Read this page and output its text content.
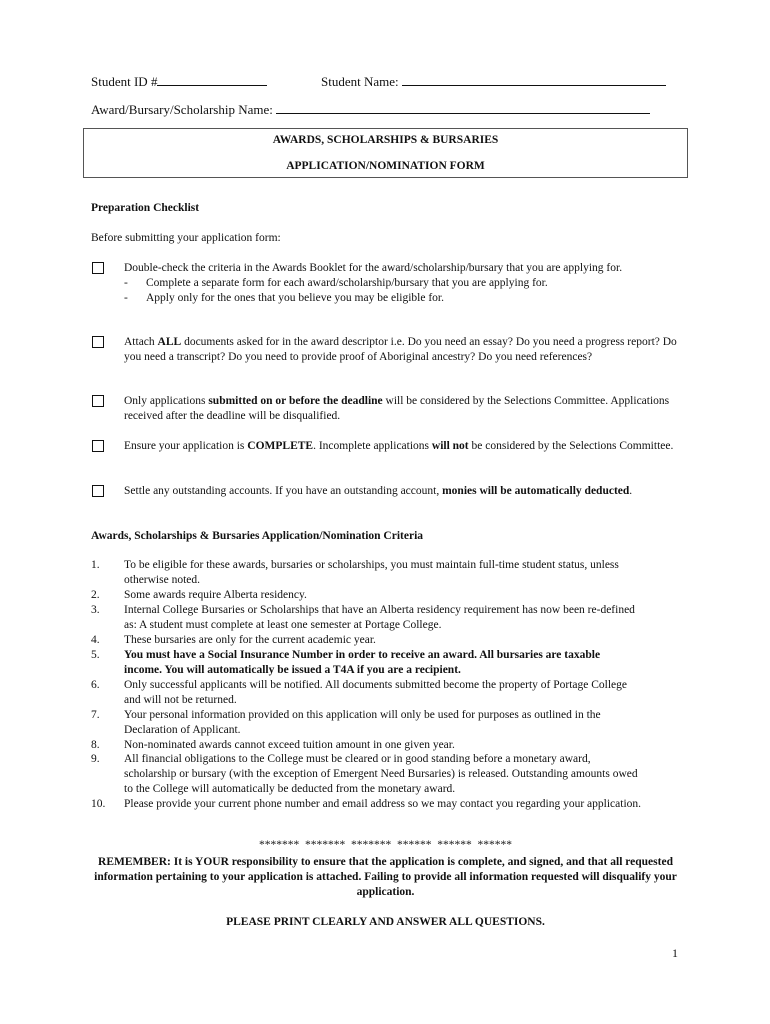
Student ID #	Student Name:
Award/Bursary/Scholarship Name:
AWARDS, SCHOLARSHIPS & BURSARIES
APPLICATION/NOMINATION FORM
Preparation Checklist
Before submitting your application form:
Double-check the criteria in the Awards Booklet for the award/scholarship/bursary that you are applying for.
- Complete a separate form for each award/scholarship/bursary that you are applying for.
- Apply only for the ones that you believe you may be eligible for.
Attach ALL documents asked for in the award descriptor i.e. Do you need an essay? Do you need a progress report? Do you need a transcript? Do you need to provide proof of Aboriginal ancestry? Do you need references?
Only applications submitted on or before the deadline will be considered by the Selections Committee. Applications received after the deadline will be disqualified.
Ensure your application is COMPLETE. Incomplete applications will not be considered by the Selections Committee.
Settle any outstanding accounts. If you have an outstanding account, monies will be automatically deducted.
Awards, Scholarships & Bursaries Application/Nomination Criteria
1.	To be eligible for these awards, bursaries or scholarships, you must maintain full-time student status, unless otherwise noted.
2.	Some awards require Alberta residency.
3.	Internal College Bursaries or Scholarships that have an Alberta residency requirement has now been re-defined as: A student must complete at least one semester at Portage College.
4.	These bursaries are only for the current academic year.
5.	You must have a Social Insurance Number in order to receive an award. All bursaries are taxable income. You will automatically be issued a T4A if you are a recipient.
6.	Only successful applicants will be notified. All documents submitted become the property of Portage College and will not be returned.
7.	Your personal information provided on this application will only be used for purposes as outlined in the Declaration of Applicant.
8.	Non-nominated awards cannot exceed tuition amount in one given year.
9.	All financial obligations to the College must be cleared or in good standing before a monetary award, scholarship or bursary (with the exception of Emergent Need Bursaries) is released. Outstanding amounts owed to the College will automatically be deducted from the monetary award.
10.	Please provide your current phone number and email address so we may contact you regarding your application.
*******  *******  *******  ******  ******  ******
REMEMBER: It is YOUR responsibility to ensure that the application is complete, and signed, and that all requested information pertaining to your application is attached. Failing to provide all information requested will disqualify your application.
PLEASE PRINT CLEARLY AND ANSWER ALL QUESTIONS.
1
